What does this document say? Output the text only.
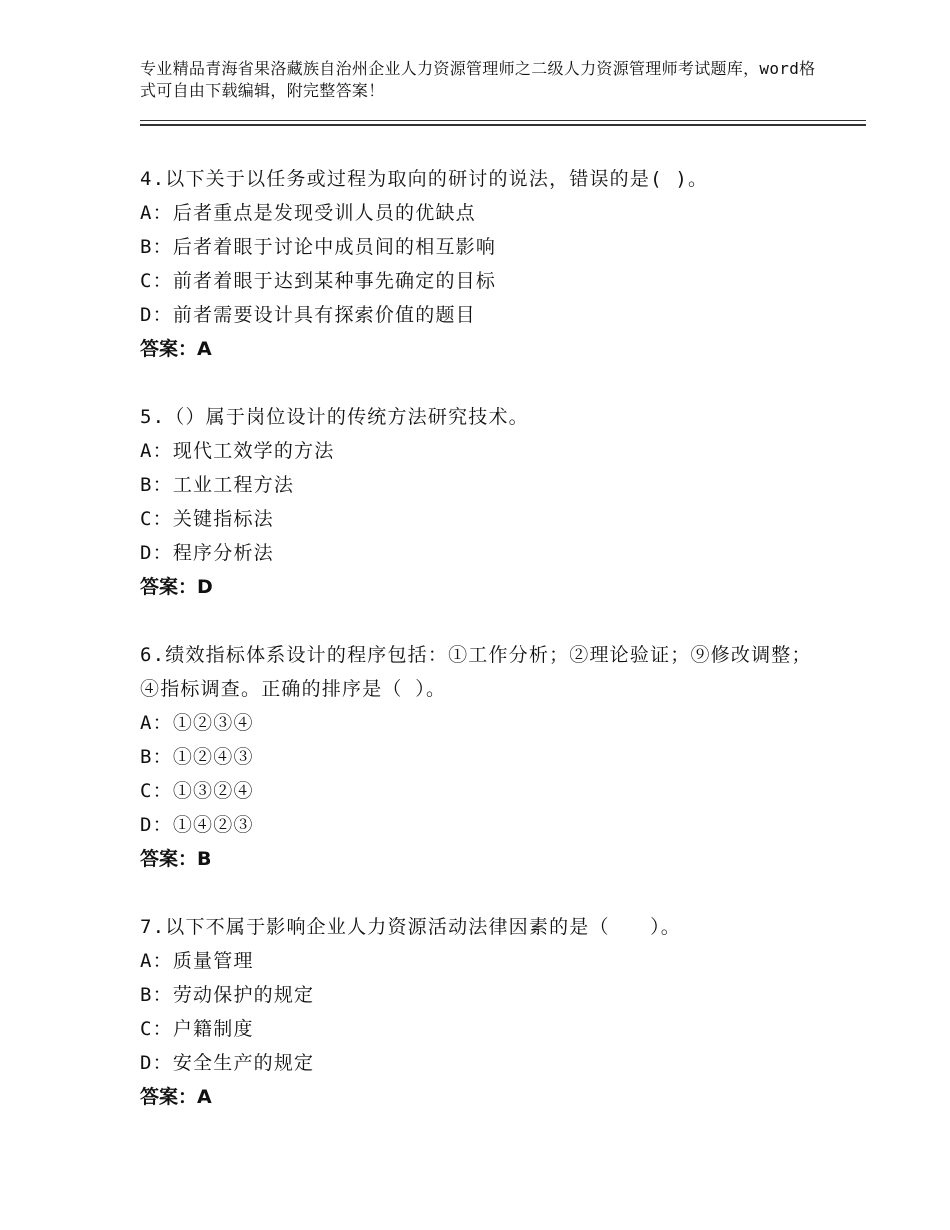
专业精品青海省果洛藏族自治州企业人力资源管理师之二级人力资源管理师考试题库，word格式可自由下载编辑，附完整答案！
4.以下关于以任务或过程为取向的研讨的说法，错误的是( )。
A：后者重点是发现受训人员的优缺点
B：后者着眼于讨论中成员间的相互影响
C：前者着眼于达到某种事先确定的目标
D：前者需要设计具有探索价值的题目
答案：A
5.（）属于岗位设计的传统方法研究技术。
A：现代工效学的方法
B：工业工程方法
C：关键指标法
D：程序分析法
答案：D
6.绩效指标体系设计的程序包括：①工作分析；②理论验证；⑨修改调整；④指标调查。正确的排序是（ ）。
A：①②③④
B：①②④③
C：①③②④
D：①④②③
答案：B
7.以下不属于影响企业人力资源活动法律因素的是（　　）。
A：质量管理
B：劳动保护的规定
C：户籍制度
D：安全生产的规定
答案：A
